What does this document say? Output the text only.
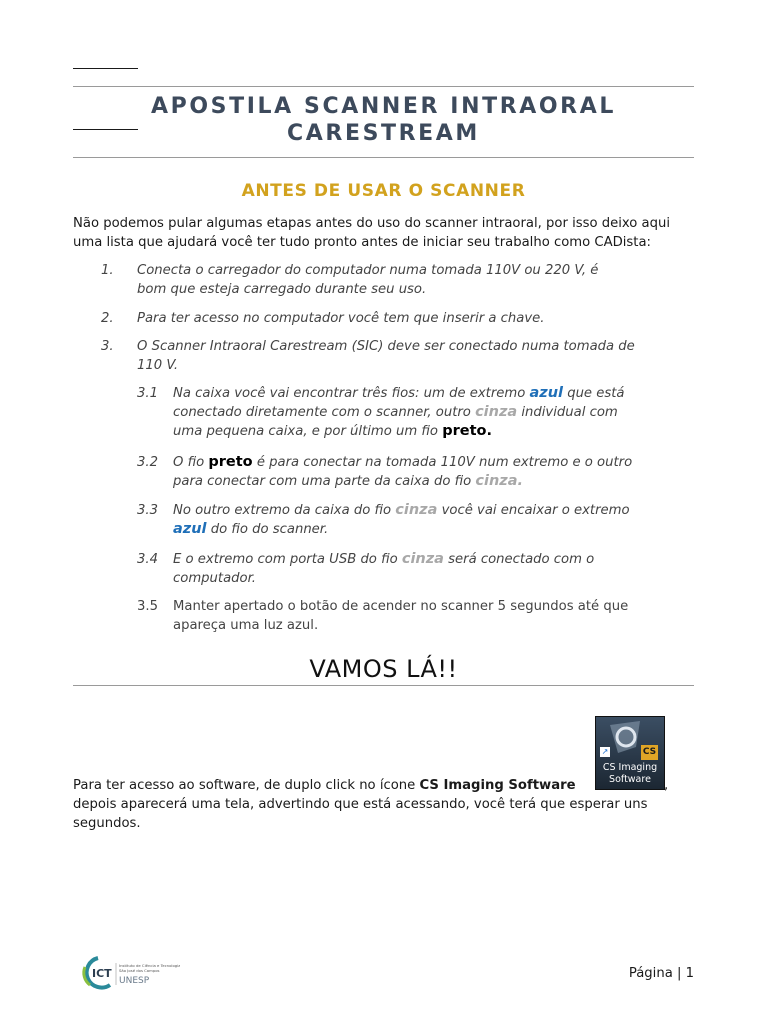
APOSTILA SCANNER INTRAORAL CARESTREAM
ANTES DE USAR O SCANNER
Não podemos pular algumas etapas antes do uso do scanner intraoral, por isso deixo aqui uma lista que ajudará você ter tudo pronto antes de iniciar seu trabalho como CADista:
1. Conecta o carregador do computador numa tomada 110V ou 220 V, é bom que esteja carregado durante seu uso.
2. Para ter acesso no computador você tem que inserir a chave.
3. O Scanner Intraoral Carestream (SIC) deve ser conectado numa tomada de 110 V.
3.1 Na caixa você vai encontrar três fios: um de extremo azul que está conectado diretamente com o scanner, outro cinza individual com uma pequena caixa, e por último um fio preto.
3.2 O fio preto é para conectar na tomada 110V num extremo e o outro para conectar com uma parte da caixa do fio cinza.
3.3 No outro extremo da caixa do fio cinza você vai encaixar o extremo azul do fio do scanner.
3.4 E o extremo com porta USB do fio cinza será conectado com o computador.
3.5 Manter apertado o botão de acender no scanner 5 segundos até que apareça uma luz azul.
VAMOS LÁ!!
Para ter acesso ao software, de duplo click no ícone CS Imaging Software
↗	CS
CS Imaging
Software ,
depois aparecerá uma tela, advertindo que está acessando, você terá que esperar uns segundos.
ICT
Instituto de Ciência e Tecnologia
São José dos Campos
UNESP	Página | 1
